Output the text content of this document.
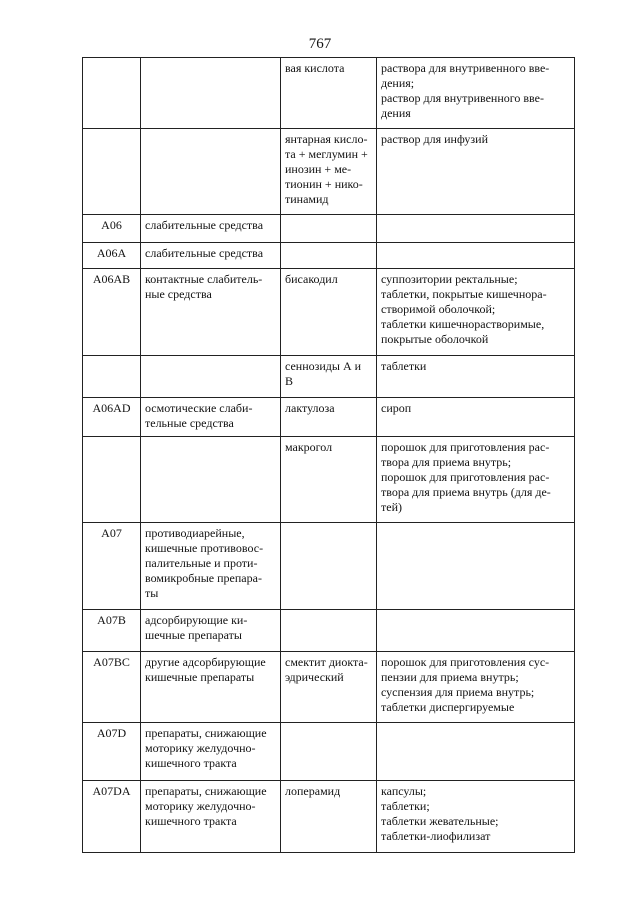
767
		вая кислота	раствора для внутривенного вве-
дения;
раствор для внутривенного вве-
дения
		янтарная кисло-
та + меглумин +
инозин + ме-
тионин + нико-
тинамид	раствор для инфузий
A06	слабительные средства		
A06A	слабительные средства		
A06AB	контактные слабитель-
ные средства	бисакодил	суппозитории ректальные;
таблетки, покрытые кишечнора-
створимой оболочкой;
таблетки кишечнорастворимые,
покрытые оболочкой
		сеннозиды А и
В	таблетки
A06AD	осмотические слаби-
тельные средства	лактулоза	сироп
		макрогол	порошок для приготовления рас-
твора для приема внутрь;
порошок для приготовления рас-
твора для приема внутрь (для де-
тей)
A07	противодиарейные,
кишечные противовос-
палительные и проти-
вомикробные препара-
ты		
A07B	адсорбирующие ки-
шечные препараты		
A07BC	другие адсорбирующие
кишечные препараты	смектит диокта-
эдрический	порошок для приготовления сус-
пензии для приема внутрь;
суспензия для приема внутрь;
таблетки диспергируемые
A07D	препараты, снижающие
моторику желудочно-
кишечного тракта		
A07DA	препараты, снижающие
моторику желудочно-
кишечного тракта	лоперамид	капсулы;
таблетки;
таблетки жевательные;
таблетки-лиофилизат
